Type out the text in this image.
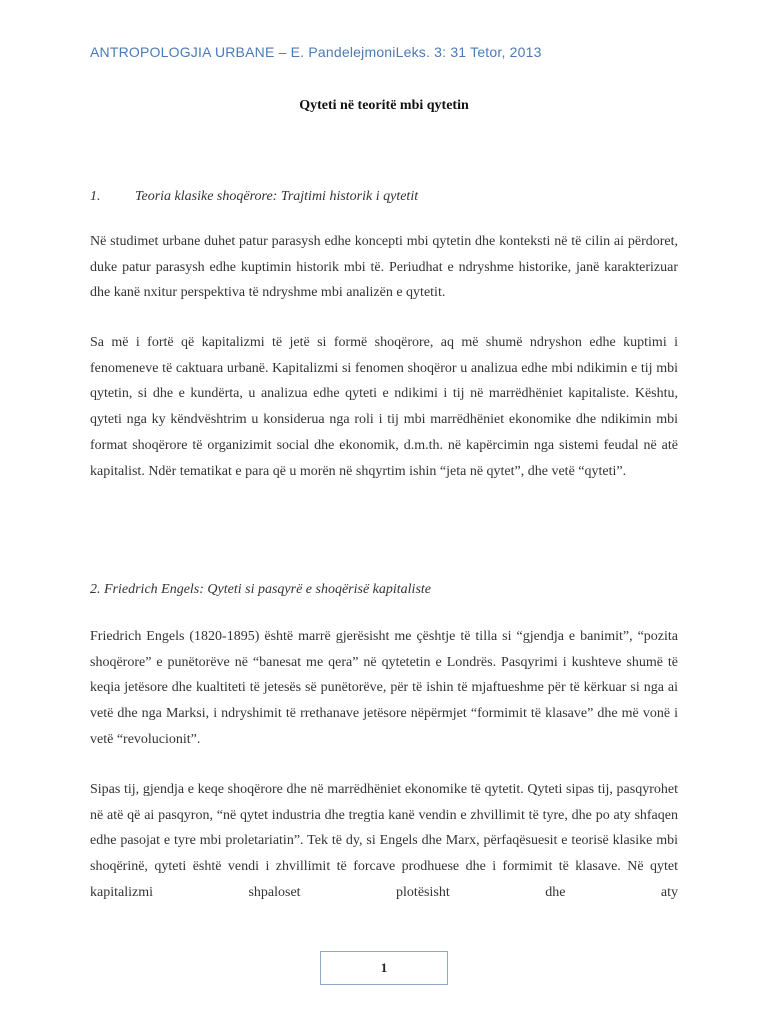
ANTROPOLOGJIA URBANE – E. PandelejmoniLeks. 3: 31 Tetor, 2013
Qyteti në teoritë mbi qytetin
1. Teoria klasike shoqërore: Trajtimi historik i qytetit
Në studimet urbane duhet patur parasysh edhe koncepti mbi qytetin dhe konteksti në të cilin ai përdoret, duke patur parasysh edhe kuptimin historik mbi të. Periudhat e ndryshme historike, janë karakterizuar dhe kanë nxitur perspektiva të ndryshme mbi analizën e qytetit.
Sa më i fortë që kapitalizmi të jetë si formë shoqërore, aq më shumë ndryshon edhe kuptimi i fenomeneve të caktuara urbanë. Kapitalizmi si fenomen shoqëror u analizua edhe mbi ndikimin e tij mbi qytetin, si dhe e kundërta, u analizua edhe qyteti e ndikimi i tij në marrëdhëniet kapitaliste. Kështu, qyteti nga ky këndvështrim u konsiderua nga roli i tij mbi marrëdhëniet ekonomike dhe ndikimin mbi format shoqërore të organizimit social dhe ekonomik, d.m.th. në kapërcimin nga sistemi feudal në atë kapitalist. Ndër tematikat e para që u morën në shqyrtim ishin “jeta në qytet”, dhe vetë “qyteti”.
2. Friedrich Engels: Qyteti si pasqyrë e shoqërisë kapitaliste
Friedrich Engels (1820-1895) është marrë gjerësisht me çështje të tilla si “gjendja e banimit”, “pozita shoqërore” e punëtorëve në “banesat me qera” në qytetetin e Londrës. Pasqyrimi i kushteve shumë të keqia jetësore dhe kualtiteti të jetesës së punëtorëve, për të ishin të mjaftueshme për të kërkuar si nga ai vetë dhe nga Marksi, i ndryshimit të rrethanave jetësore nëpërmjet “formimit të klasave” dhe më vonë i vetë “revolucionit”.
Sipas tij, gjendja e keqe shoqërore dhe në marrëdhëniet ekonomike të qytetit. Qyteti sipas tij, pasqyrohet në atë që ai pasqyron, “në qytet industria dhe tregtia kanë vendin e zhvillimit të tyre, dhe po aty shfaqen edhe pasojat e tyre mbi proletariatin”. Tek të dy, si Engels dhe Marx, përfaqësuesit e teorisë klasike mbi shoqërinë, qyteti është vendi i zhvillimit të forcave prodhuese dhe i formimit të klasave. Në qytet kapitalizmi shpaloset plotësisht dhe aty
1
